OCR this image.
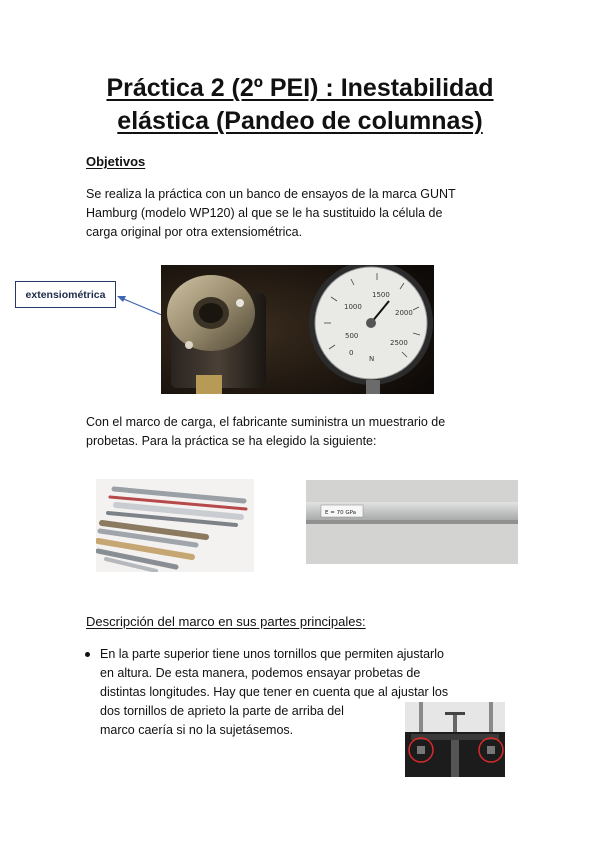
Práctica 2 (2º PEI) : Inestabilidad
elástica (Pandeo de columnas)
Objetivos
Se realiza la práctica con un banco de ensayos de la marca GUNT
Hamburg (modelo WP120) al que se le ha sustituido la célula de
carga original por otra extensiométrica.
extensiométrica
500
1000
1500
2000
2500
0
N
Con el marco de carga, el fabricante suministra un muestrario de
probetas. Para la práctica se ha elegido la siguiente:
E = 70 GPa
Descripción del marco en sus partes principales:
En la parte superior tiene unos tornillos que permiten ajustarlo
en altura. De esta manera, podemos ensayar probetas de
distintas longitudes. Hay que tener en cuenta que al ajustar los
dos tornillos de aprieto la parte de arriba del
marco caería si no la sujetásemos.
